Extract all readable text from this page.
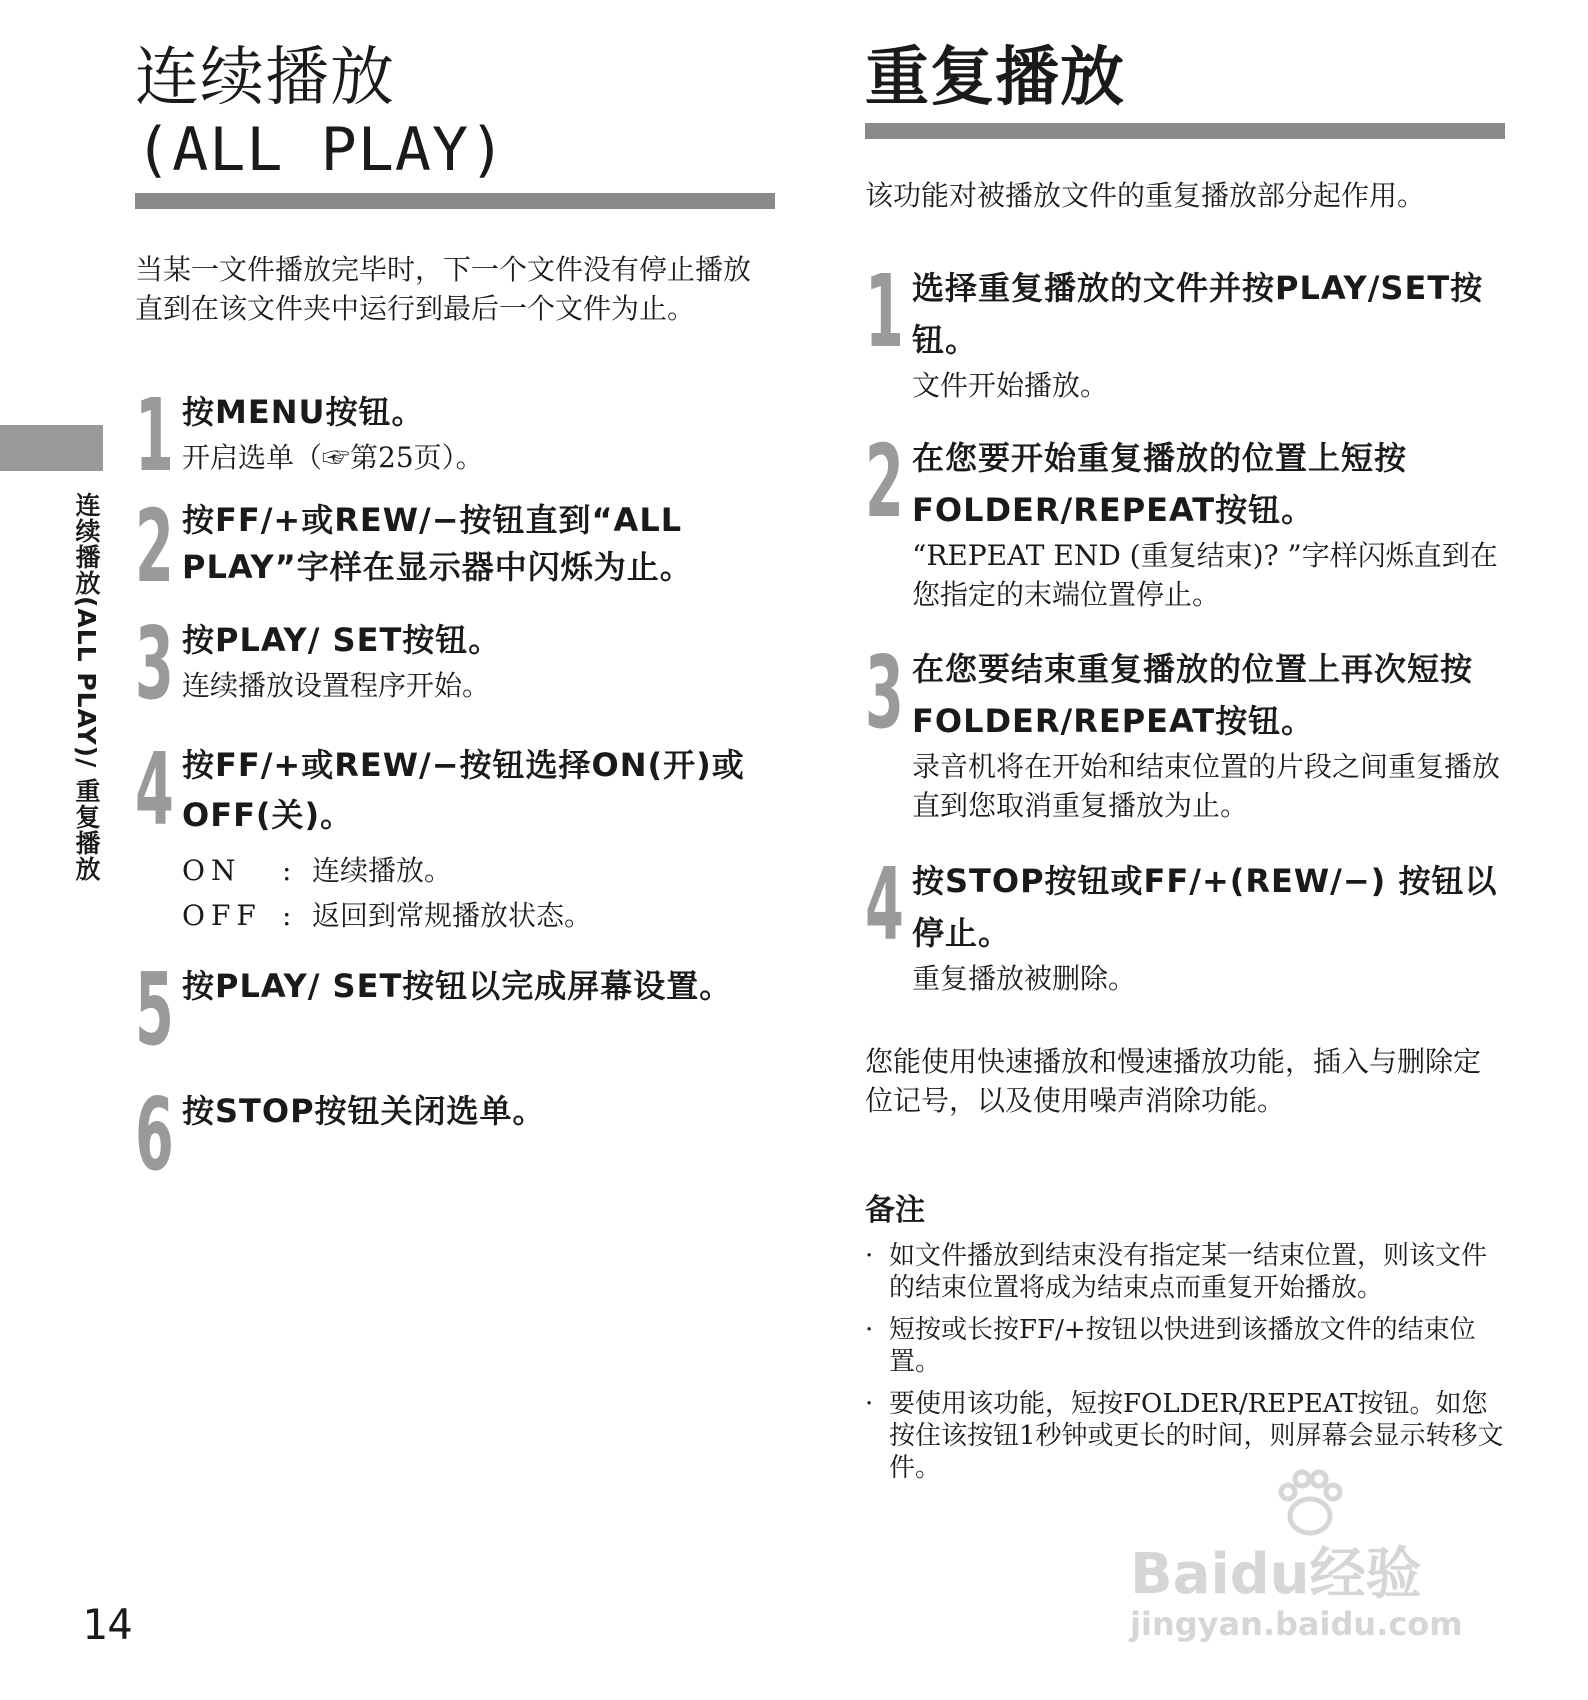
连续播放
(ALL PLAY)
当某一文件播放完毕时，下一个文件没有停止播放直到在该文件夹中运行到最后一个文件为止。
1 按MENU按钮。
开启选单（☞第25页）。
2 按FF/+或REW/−按钮直到“ALL PLAY”字样在显示器中闪烁为止。
3 按PLAY/ SET按钮。
连续播放设置程序开始。
4 按FF/+或REW/−按钮选择ON(开)或OFF(关)。
ON	: 连续播放。
OFF : 返回到常规播放状态。
5 按PLAY/ SET按钮以完成屏幕设置。
6 按STOP按钮关闭选单。
连续播放(ALL PLAY)/ 重复播放
14
重复播放
该功能对被播放文件的重复播放部分起作用。
1 选择重复播放的文件并按PLAY/SET按钮。
文件开始播放。
2 在您要开始重复播放的位置上短按FOLDER/REPEAT按钮。
“REPEAT END (重复结束)? ”字样闪烁直到在您指定的末端位置停止。
3 在您要结束重复播放的位置上再次短按FOLDER/REPEAT按钮。
录音机将在开始和结束位置的片段之间重复播放直到您取消重复播放为止。
4 按STOP按钮或FF/+(REW/−) 按钮以停止。
重复播放被删除。
您能使用快速播放和慢速播放功能，插入与删除定位记号，以及使用噪声消除功能。
备注
· 如文件播放到结束没有指定某一结束位置，则该文件的结束位置将成为结束点而重复开始播放。
· 短按或长按FF/+按钮以快进到该播放文件的结束位置。
· 要使用该功能，短按FOLDER/REPEAT按钮。如您按住该按钮1秒钟或更长的时间，则屏幕会显示转移文件。
Baidu经验
jingyan.baidu.com
